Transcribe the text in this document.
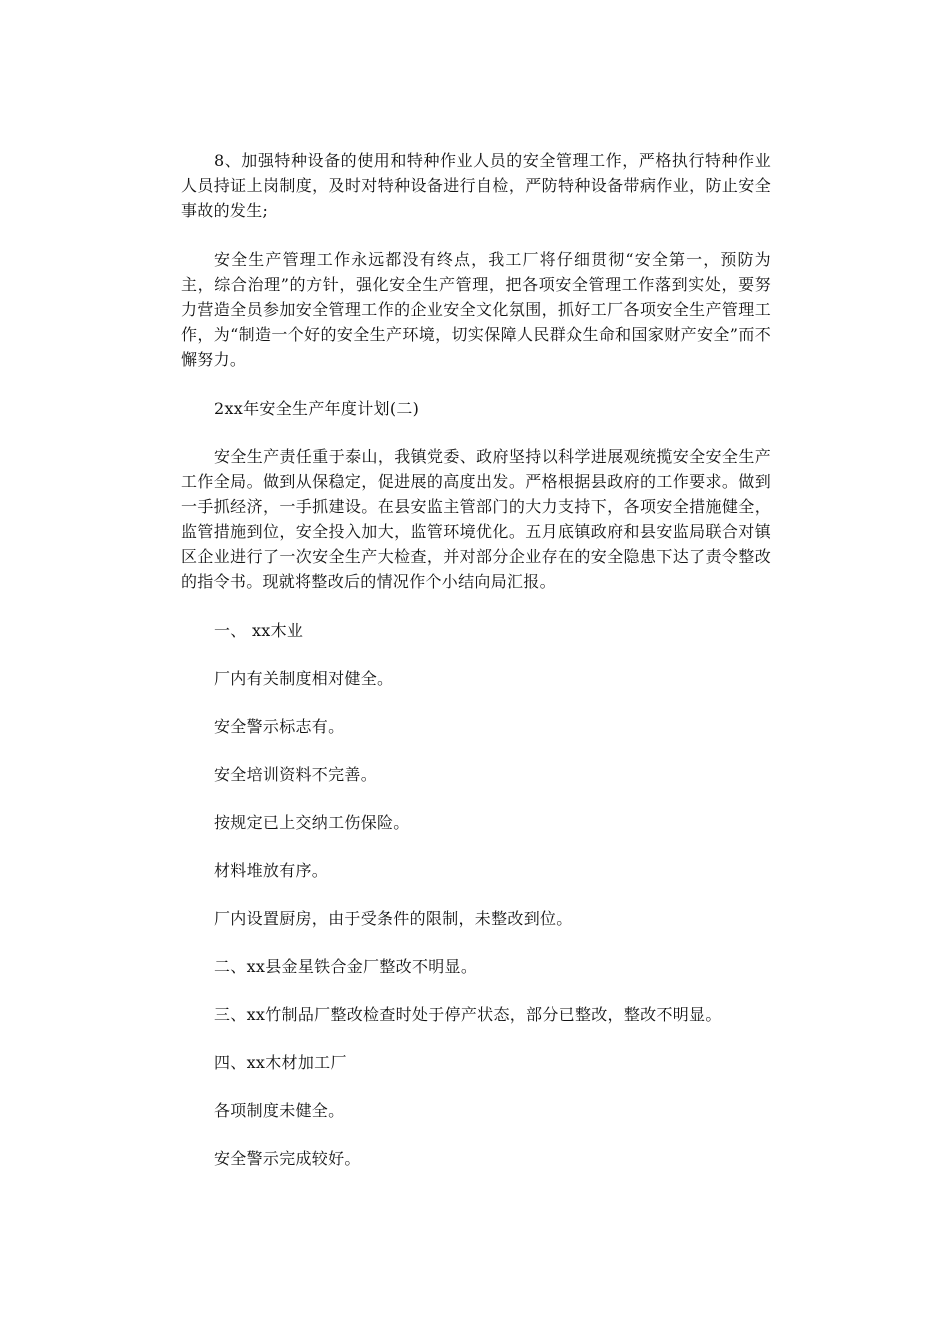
8、加强特种设备的使用和特种作业人员的安全管理工作，严格执行特种作业人员持证上岗制度，及时对特种设备进行自检，严防特种设备带病作业，防止安全事故的发生;

安全生产管理工作永远都没有终点，我工厂将仔细贯彻“安全第一，预防为主，综合治理”的方针，强化安全生产管理，把各项安全管理工作落到实处，要努力营造全员参加安全管理工作的企业安全文化氛围，抓好工厂各项安全生产管理工作，为“制造一个好的安全生产环境，切实保障人民群众生命和国家财产安全”而不懈努力。

2xx年安全生产年度计划(二)

安全生产责任重于泰山，我镇党委、政府坚持以科学进展观统揽安全安全生产工作全局。做到从保稳定，促进展的高度出发。严格根据县政府的工作要求。做到一手抓经济，一手抓建设。在县安监主管部门的大力支持下，各项安全措施健全，监管措施到位，安全投入加大，监管环境优化。五月底镇政府和县安监局联合对镇区企业进行了一次安全生产大检查，并对部分企业存在的安全隐患下达了责令整改的指令书。现就将整改后的情况作个小结向局汇报。

一、 xx木业

厂内有关制度相对健全。

安全警示标志有。

安全培训资料不完善。

按规定已上交纳工伤保险。

材料堆放有序。

厂内设置厨房，由于受条件的限制，未整改到位。

二、xx县金星铁合金厂整改不明显。

三、xx竹制品厂整改检查时处于停产状态，部分已整改，整改不明显。

四、xx木材加工厂

各项制度未健全。

安全警示完成较好。
